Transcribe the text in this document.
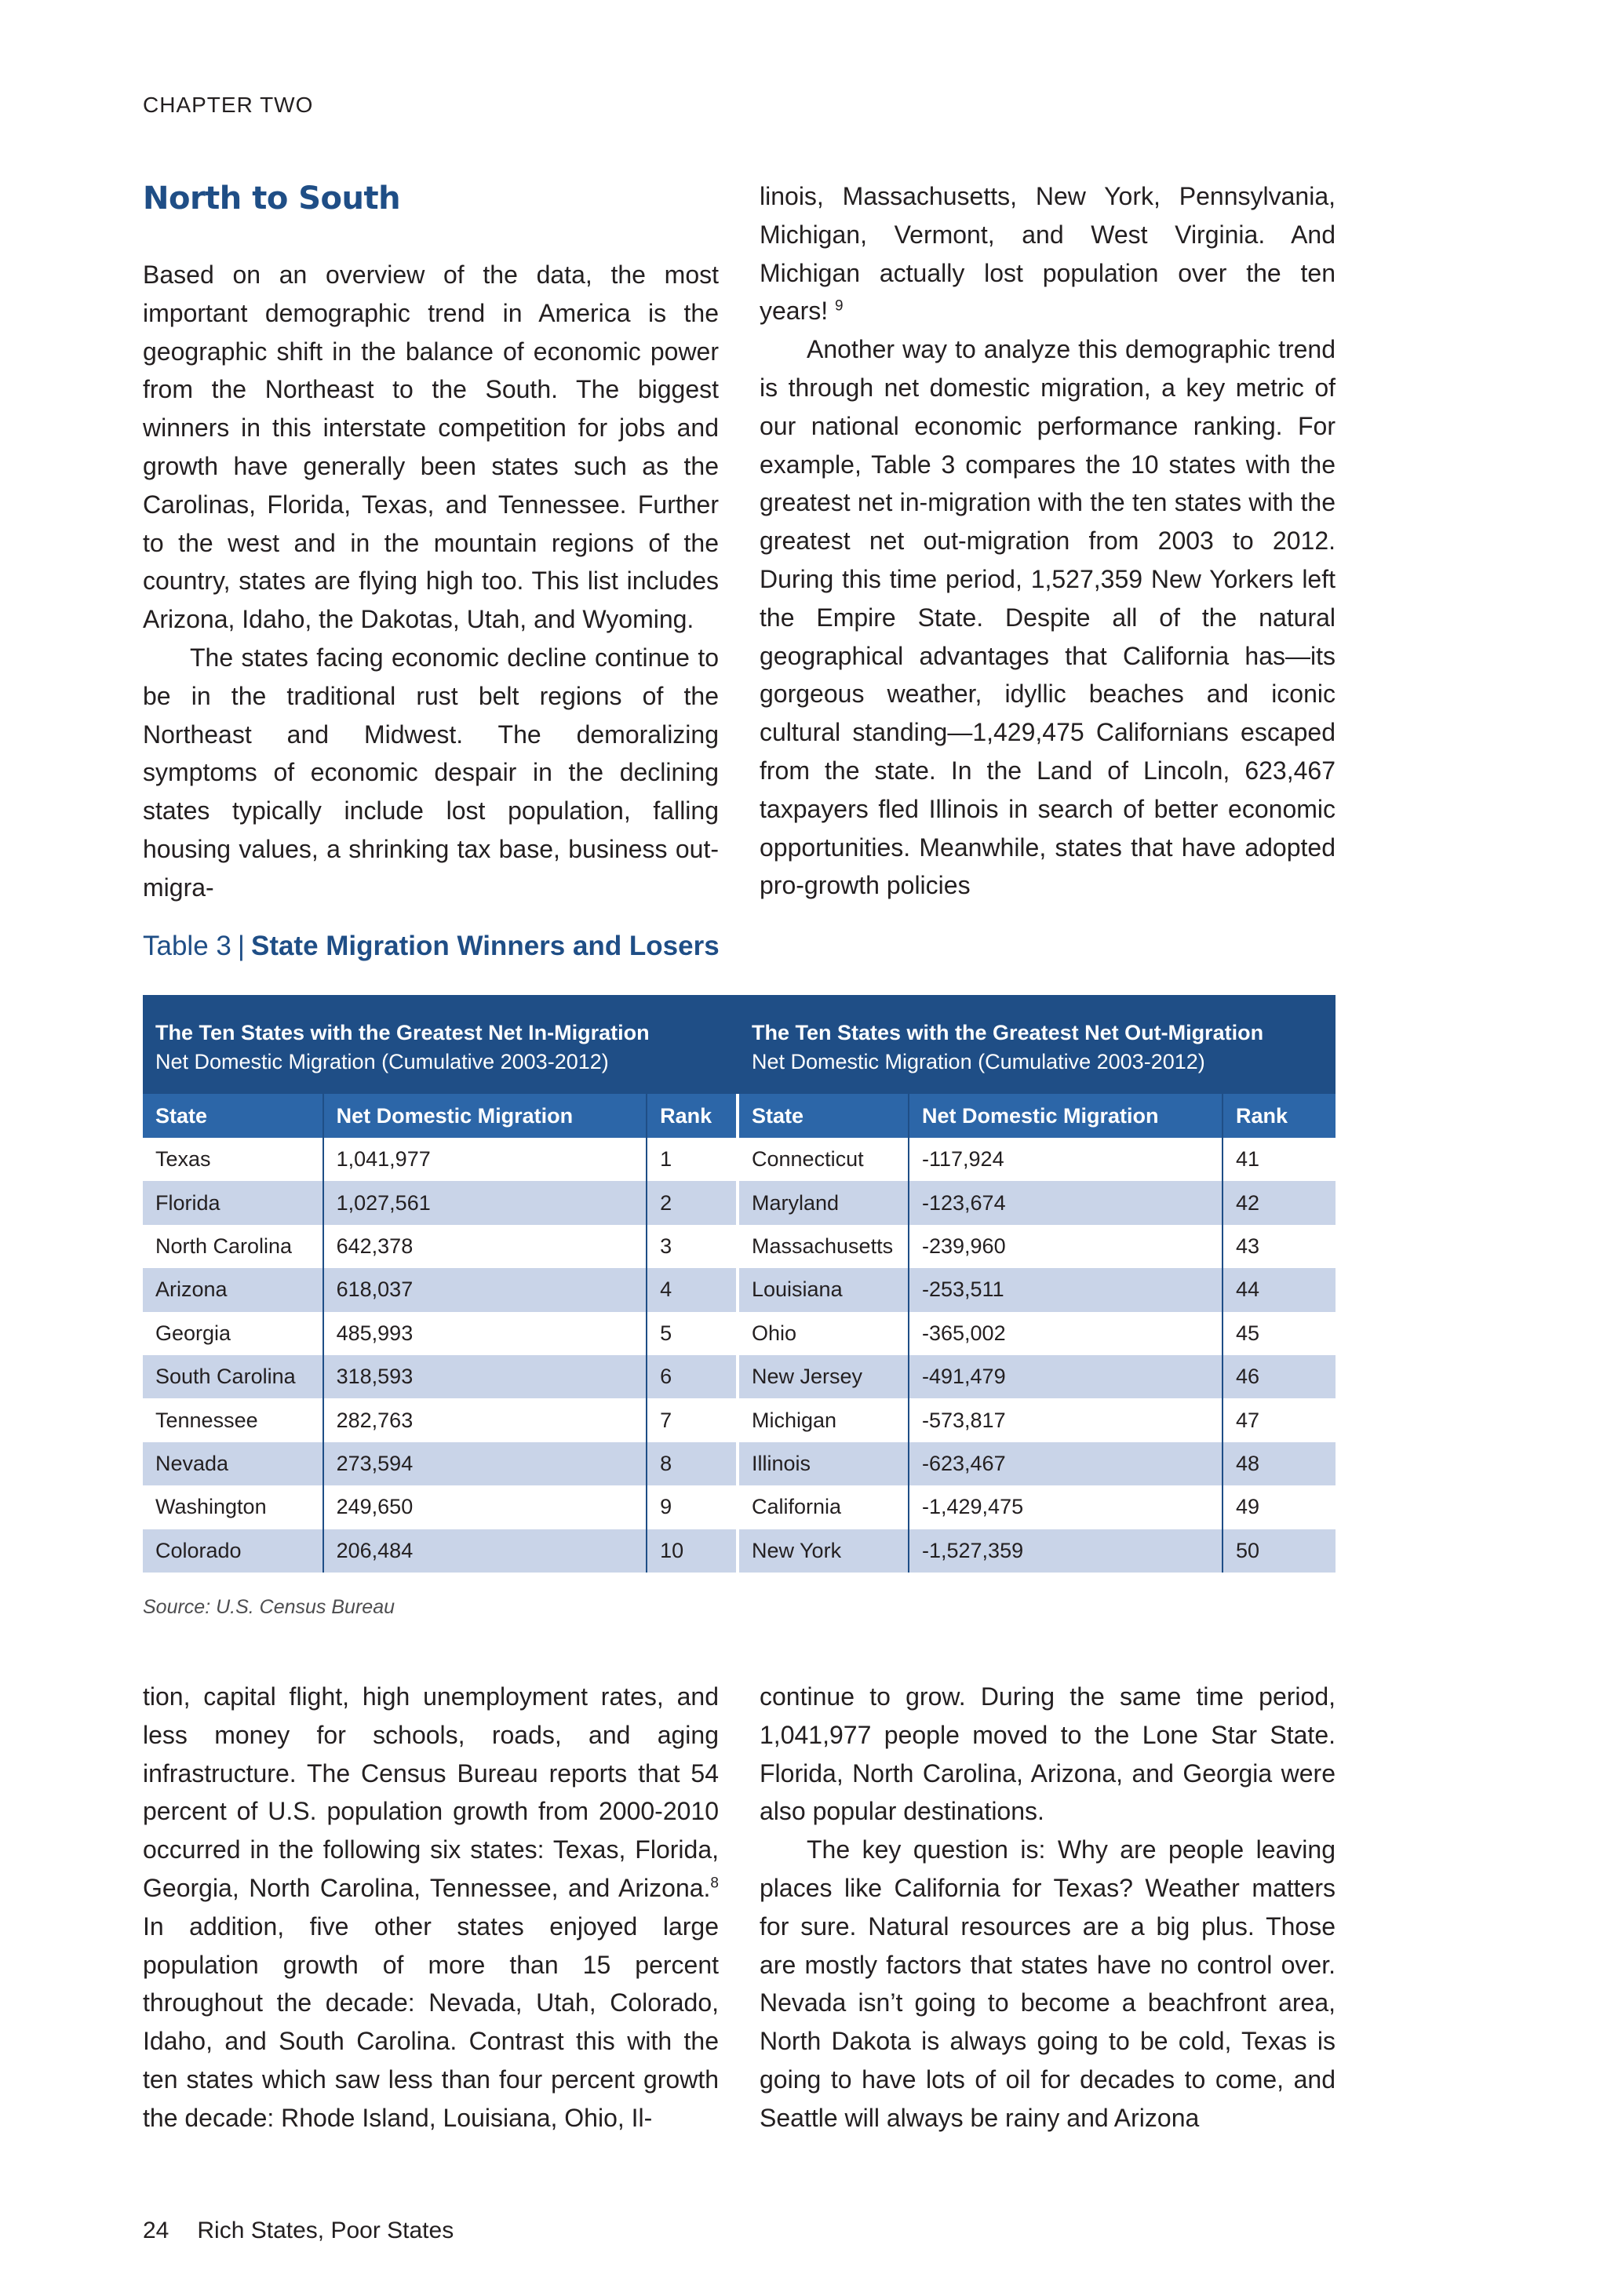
CHAPTER TWO
North to South

Based on an overview of the data, the most important demographic trend in America is the geographic shift in the balance of economic power from the Northeast to the South. The biggest winners in this interstate competition for jobs and growth have generally been states such as the Carolinas, Florida, Texas, and Tennessee. Further to the west and in the mountain regions of the country, states are flying high too. This list includes Arizona, Idaho, the Dakotas, Utah, and Wyoming.

The states facing economic decline continue to be in the traditional rust belt regions of the Northeast and Midwest. The demoralizing symptoms of economic despair in the declining states typically include lost population, falling housing values, a shrinking tax base, business out-migra-

linois, Massachusetts, New York, Pennsylvania, Michigan, Vermont, and West Virginia. And Michigan actually lost population over the ten years! $^9$

Another way to analyze this demographic trend is through net domestic migration, a key metric of our national economic performance ranking. For example, Table 3 compares the 10 states with the greatest net in-migration with the ten states with the greatest net out-migration from 2003 to 2012. During this time period, 1,527,359 New Yorkers left the Empire State. Despite all of the natural geographical advantages that California has—its gorgeous weather, idyllic beaches and iconic cultural standing—1,429,475 Californians escaped from the state. In the Land of Lincoln, 623,467 taxpayers fled Illinois in search of better economic opportunities. Meanwhile, states that have adopted pro-growth policies

Table 3 | State Migration Winners and Losers
The Ten States with the Greatest Net In-Migration
Net Domestic Migration (Cumulative 2003-2012)
The Ten States with the Greatest Net Out-Migration
Net Domestic Migration (Cumulative 2003-2012)
State	Net Domestic Migration	Rank
Texas	1,041,977	1
Florida	1,027,561	2
North Carolina	642,378	3
Arizona	618,037	4
Georgia	485,993	5
South Carolina	318,593	6
Tennessee	282,763	7
Nevada	273,594	8
Washington	249,650	9
Colorado	206,484	10
State	Net Domestic Migration	Rank
Connecticut	-117,924	41
Maryland	-123,674	42
Massachusetts	-239,960	43
Louisiana	-253,511	44
Ohio	-365,002	45
New Jersey	-491,479	46
Michigan	-573,817	47
Illinois	-623,467	48
California	-1,429,475	49
New York	-1,527,359	50
Source: U.S. Census Bureau

tion, capital flight, high unemployment rates, and less money for schools, roads, and aging infrastructure. The Census Bureau reports that 54 percent of U.S. population growth from 2000-2010 occurred in the following six states: Texas, Florida, Georgia, North Carolina, Tennessee, and Arizona.$^8$ In addition, five other states enjoyed large population growth of more than 15 percent throughout the decade: Nevada, Utah, Colorado, Idaho, and South Carolina. Contrast this with the ten states which saw less than four percent growth the decade: Rhode Island, Louisiana, Ohio, Il-

continue to grow. During the same time period, 1,041,977 people moved to the Lone Star State. Florida, North Carolina, Arizona, and Georgia were also popular destinations.

The key question is: Why are people leaving places like California for Texas? Weather matters for sure. Natural resources are a big plus. Those are mostly factors that states have no control over. Nevada isn’t going to become a beachfront area, North Dakota is always going to be cold, Texas is going to have lots of oil for decades to come, and Seattle will always be rainy and Arizona

24 Rich States, Poor States
